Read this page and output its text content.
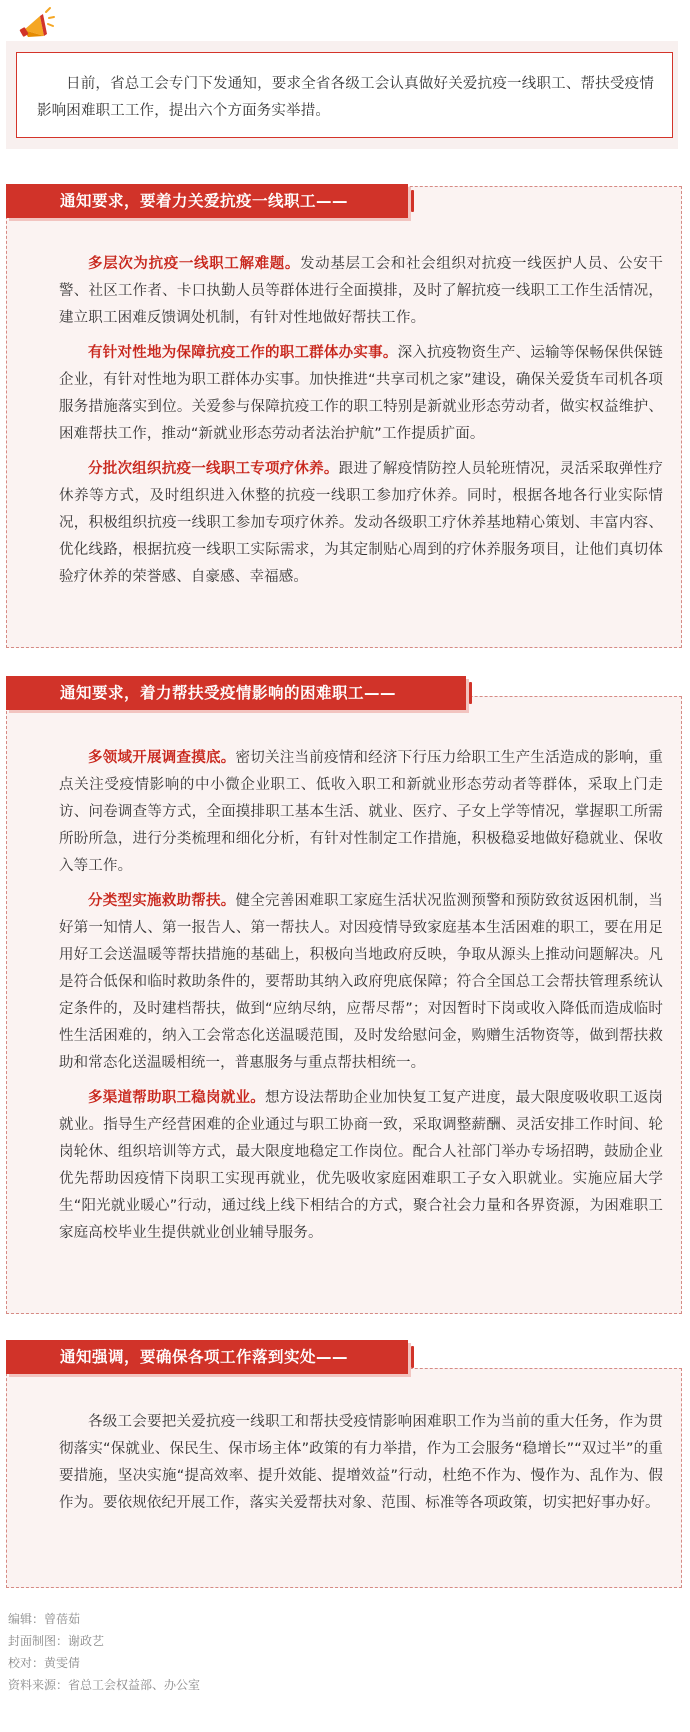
日前，省总工会专门下发通知，要求全省各级工会认真做好关爱抗疫一线职工、帮扶受疫情影响困难职工工作，提出六个方面务实举措。

多层次为抗疫一线职工解难题。发动基层工会和社会组织对抗疫一线医护人员、公安干警、社区工作者、卡口执勤人员等群体进行全面摸排，及时了解抗疫一线职工工作生活情况，建立职工困难反馈调处机制，有针对性地做好帮扶工作。

有针对性地为保障抗疫工作的职工群体办实事。深入抗疫物资生产、运输等保畅保供保链企业，有针对性地为职工群体办实事。加快推进“共享司机之家”建设，确保关爱货车司机各项服务措施落实到位。关爱参与保障抗疫工作的职工特别是新就业形态劳动者，做实权益维护、困难帮扶工作，推动“新就业形态劳动者法治护航”工作提质扩面。

分批次组织抗疫一线职工专项疗休养。跟进了解疫情防控人员轮班情况，灵活采取弹性疗休养等方式，及时组织进入休整的抗疫一线职工参加疗休养。同时，根据各地各行业实际情况，积极组织抗疫一线职工参加专项疗休养。发动各级职工疗休养基地精心策划、丰富内容、优化线路，根据抗疫一线职工实际需求，为其定制贴心周到的疗休养服务项目，让他们真切体验疗休养的荣誉感、自豪感、幸福感。

通知要求，要着力关爱抗疫一线职工——

多领域开展调查摸底。密切关注当前疫情和经济下行压力给职工生产生活造成的影响，重点关注受疫情影响的中小微企业职工、低收入职工和新就业形态劳动者等群体，采取上门走访、问卷调查等方式，全面摸排职工基本生活、就业、医疗、子女上学等情况，掌握职工所需所盼所急，进行分类梳理和细化分析，有针对性制定工作措施，积极稳妥地做好稳就业、保收入等工作。

分类型实施救助帮扶。健全完善困难职工家庭生活状况监测预警和预防致贫返困机制，当好第一知情人、第一报告人、第一帮扶人。对因疫情导致家庭基本生活困难的职工，要在用足用好工会送温暖等帮扶措施的基础上，积极向当地政府反映，争取从源头上推动问题解决。凡是符合低保和临时救助条件的，要帮助其纳入政府兜底保障；符合全国总工会帮扶管理系统认定条件的，及时建档帮扶，做到“应纳尽纳，应帮尽帮”；对因暂时下岗或收入降低而造成临时性生活困难的，纳入工会常态化送温暖范围，及时发给慰问金，购赠生活物资等，做到帮扶救助和常态化送温暖相统一，普惠服务与重点帮扶相统一。

多渠道帮助职工稳岗就业。想方设法帮助企业加快复工复产进度，最大限度吸收职工返岗就业。指导生产经营困难的企业通过与职工协商一致，采取调整薪酬、灵活安排工作时间、轮岗轮休、组织培训等方式，最大限度地稳定工作岗位。配合人社部门举办专场招聘，鼓励企业优先帮助因疫情下岗职工实现再就业，优先吸收家庭困难职工子女入职就业。实施应届大学生“阳光就业暖心”行动，通过线上线下相结合的方式，聚合社会力量和各界资源，为困难职工家庭高校毕业生提供就业创业辅导服务。

通知要求，着力帮扶受疫情影响的困难职工——

各级工会要把关爱抗疫一线职工和帮扶受疫情影响困难职工作为当前的重大任务，作为贯彻落实“保就业、保民生、保市场主体”政策的有力举措，作为工会服务“稳增长”“双过半”的重要措施，坚决实施“提高效率、提升效能、提增效益”行动，杜绝不作为、慢作为、乱作为、假作为。要依规依纪开展工作，落实关爱帮扶对象、范围、标准等各项政策，切实把好事办好。

通知强调，要确保各项工作落到实处——
编辑：曾蓓茹
封面制图：谢政艺
校对：黄雯倩
资料来源：省总工会权益部、办公室
